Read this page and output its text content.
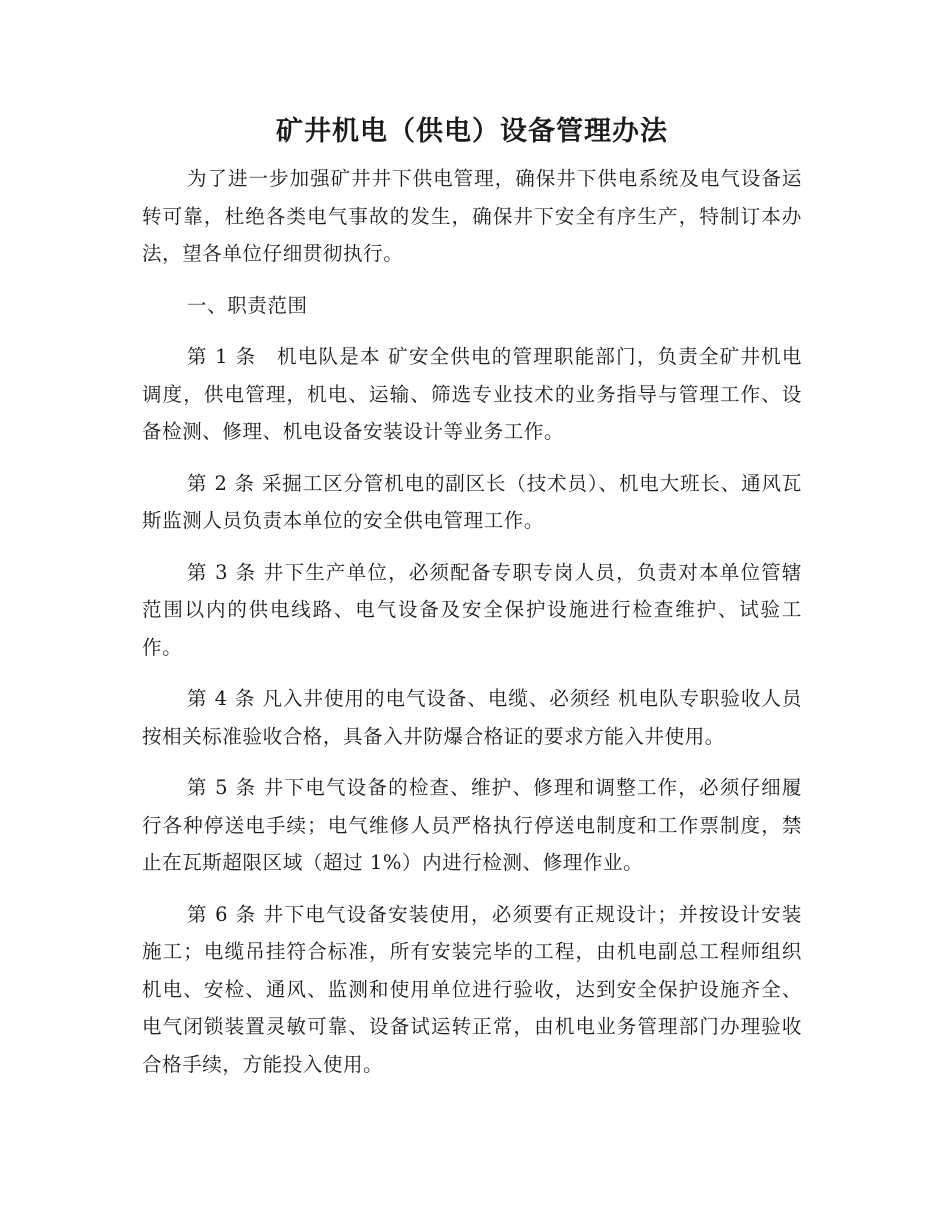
矿井机电（供电）设备管理办法

为了进一步加强矿井井下供电管理，确保井下供电系统及电气设备运转可靠，杜绝各类电气事故的发生，确保井下安全有序生产，特制订本办法，望各单位仔细贯彻执行。

一、职责范围

第 1 条　机电队是本 矿安全供电的管理职能部门，负责全矿井机电调度，供电管理，机电、运输、筛选专业技术的业务指导与管理工作、设备检测、修理、机电设备安装设计等业务工作。

第 2 条 采掘工区分管机电的副区长（技术员）、机电大班长、通风瓦斯监测人员负责本单位的安全供电管理工作。

第 3 条 井下生产单位，必须配备专职专岗人员，负责对本单位管辖范围以内的供电线路、电气设备及安全保护设施进行检查维护、试验工作。

第 4 条 凡入井使用的电气设备、电缆、必须经 机电队专职验收人员按相关标准验收合格，具备入井防爆合格证的要求方能入井使用。

第 5 条 井下电气设备的检查、维护、修理和调整工作，必须仔细履行各种停送电手续；电气维修人员严格执行停送电制度和工作票制度，禁止在瓦斯超限区域（超过 1%）内进行检测、修理作业。

第 6 条 井下电气设备安装使用，必须要有正规设计；并按设计安装施工；电缆吊挂符合标准，所有安装完毕的工程，由机电副总工程师组织机电、安检、通风、监测和使用单位进行验收，达到安全保护设施齐全、电气闭锁装置灵敏可靠、设备试运转正常，由机电业务管理部门办理验收合格手续，方能投入使用。
